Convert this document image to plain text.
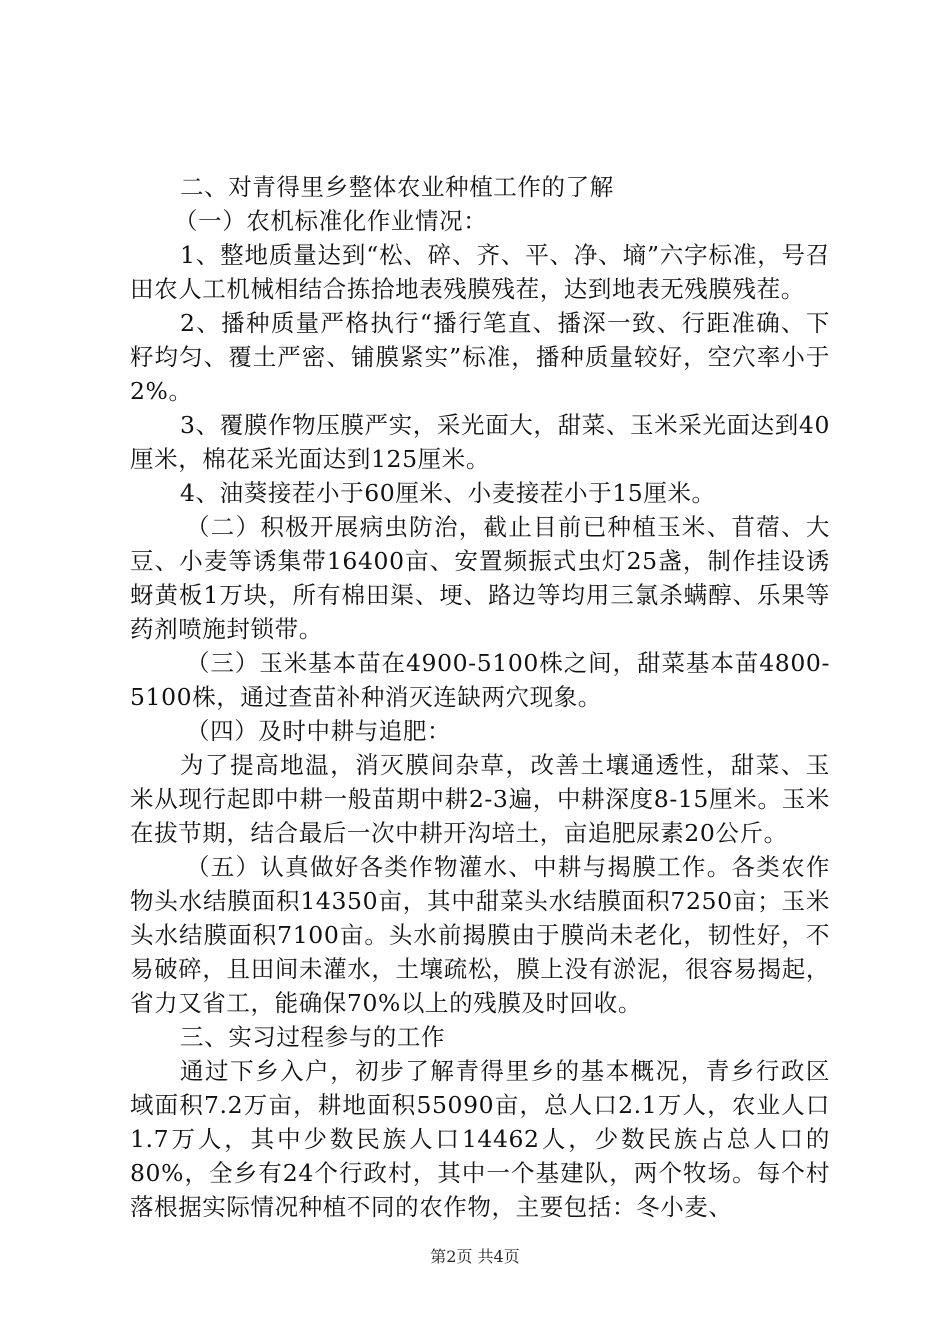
二、对青得里乡整体农业种植工作的了解

（一）农机标准化作业情况：

1、整地质量达到“松、碎、齐、平、净、墒”六字标准，号召田农人工机械相结合拣拾地表残膜残茬，达到地表无残膜残茬。

2、播种质量严格执行“播行笔直、播深一致、行距准确、下籽均匀、覆土严密、铺膜紧实”标准，播种质量较好，空穴率小于2%。

3、覆膜作物压膜严实，采光面大，甜菜、玉米采光面达到40厘米，棉花采光面达到125厘米。

4、油葵接茬小于60厘米、小麦接茬小于15厘米。

（二）积极开展病虫防治，截止目前已种植玉米、苜蓿、大豆、小麦等诱集带16400亩、安置频振式虫灯25盏，制作挂设诱蚜黄板1万块，所有棉田渠、埂、路边等均用三氯杀螨醇、乐果等药剂喷施封锁带。

（三）玉米基本苗在4900-5100株之间，甜菜基本苗4800-5100株，通过查苗补种消灭连缺两穴现象。

（四）及时中耕与追肥：

为了提高地温，消灭膜间杂草，改善土壤通透性，甜菜、玉米从现行起即中耕一般苗期中耕2-3遍，中耕深度8-15厘米。玉米在拔节期，结合最后一次中耕开沟培土，亩追肥尿素20公斤。

（五）认真做好各类作物灌水、中耕与揭膜工作。各类农作物头水结膜面积14350亩，其中甜菜头水结膜面积7250亩；玉米头水结膜面积7100亩。头水前揭膜由于膜尚未老化，韧性好，不易破碎，且田间未灌水，土壤疏松，膜上没有淤泥，很容易揭起，省力又省工，能确保70%以上的残膜及时回收。

三、实习过程参与的工作

通过下乡入户，初步了解青得里乡的基本概况，青乡行政区域面积7.2万亩，耕地面积55090亩，总人口2.1万人，农业人口1.7万人，其中少数民族人口14462人，少数民族占总人口的80%，全乡有24个行政村，其中一个基建队，两个牧场。每个村落根据实际情况种植不同的农作物，主要包括：冬小麦、

第2页 共4页
